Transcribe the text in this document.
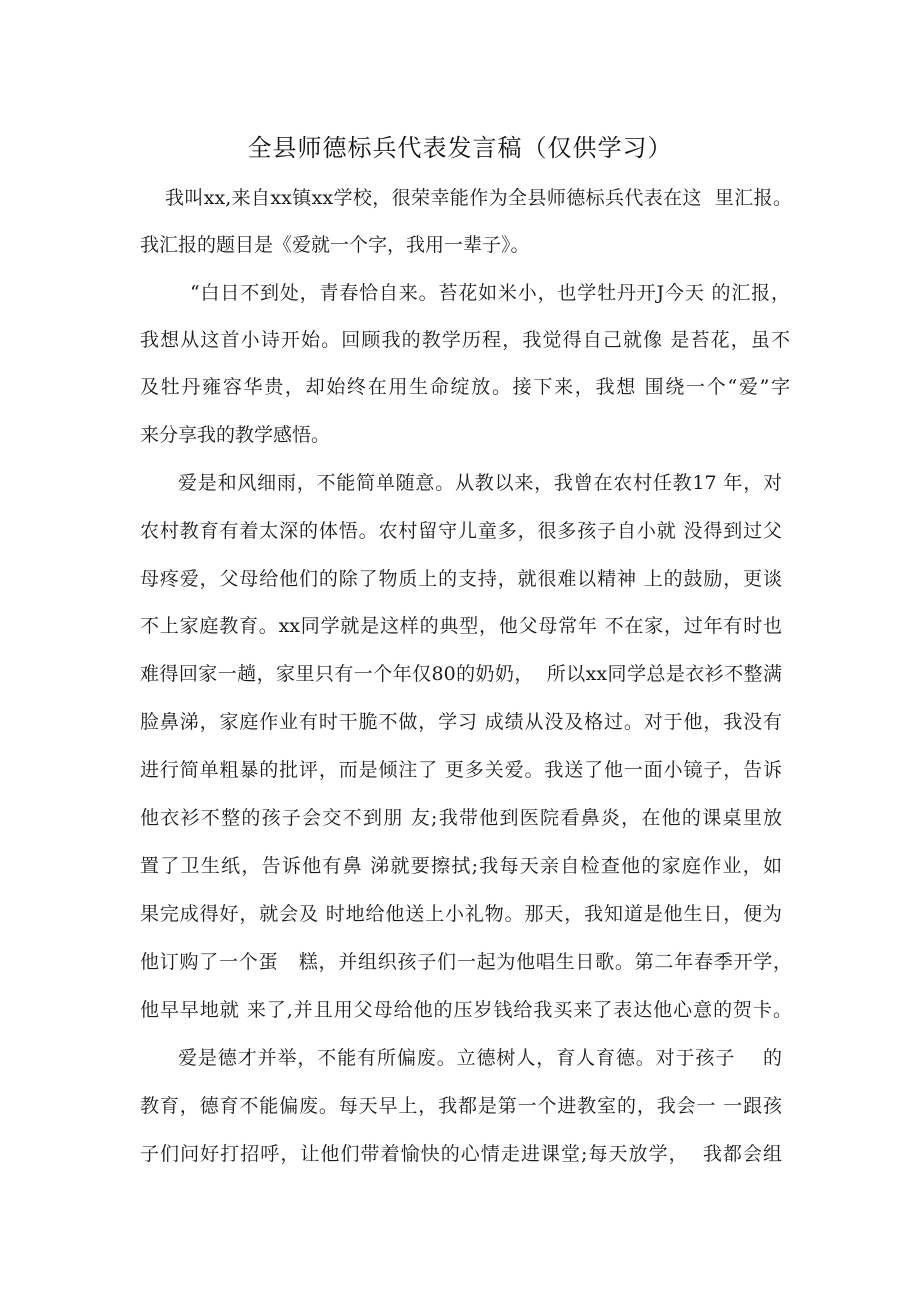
全县师德标兵代表发言稿（仅供学习）
我叫xx,来自xx镇xx学校，很荣幸能作为全县师德标兵代表在这  里汇报。
我汇报的题目是《爱就一个字，我用一辈子》。
“白日不到处，青春恰自来。苔花如米小，也学牡丹开J今天 的汇报，
我想从这首小诗开始。回顾我的教学历程，我觉得自己就像 是苔花，虽不
及牡丹雍容华贵，却始终在用生命绽放。接下来，我想 围绕一个“爱”字
来分享我的教学感悟。
爱是和风细雨，不能简单随意。从教以来，我曾在农村任教17 年，对
农村教育有着太深的体悟。农村留守儿童多，很多孩子自小就 没得到过父
母疼爱，父母给他们的除了物质上的支持，就很难以精神 上的鼓励，更谈
不上家庭教育。xx同学就是这样的典型，他父母常年 不在家，过年有时也
难得回家一趟，家里只有一个年仅80的奶奶，  所以xx同学总是衣衫不整满
脸鼻涕，家庭作业有时干脆不做，学习 成绩从没及格过。对于他，我没有
进行简单粗暴的批评，而是倾注了 更多关爱。我送了他一面小镜子，告诉
他衣衫不整的孩子会交不到朋 友;我带他到医院看鼻炎，在他的课桌里放
置了卫生纸，告诉他有鼻 涕就要擦拭;我每天亲自检查他的家庭作业，如
果完成得好，就会及 时地给他送上小礼物。那天，我知道是他生日，便为
他订购了一个蛋   糕，并组织孩子们一起为他唱生日歌。第二年春季开学，
他早早地就 来了,并且用父母给他的压岁钱给我买来了表达他心意的贺卡。
爱是德才并举，不能有所偏废。立德树人，育人育德。对于孩子    的
教育，德育不能偏废。每天早上，我都是第一个进教室的，我会一 一跟孩
子们问好打招呼，让他们带着愉快的心情走进课堂;每天放学，  我都会组
